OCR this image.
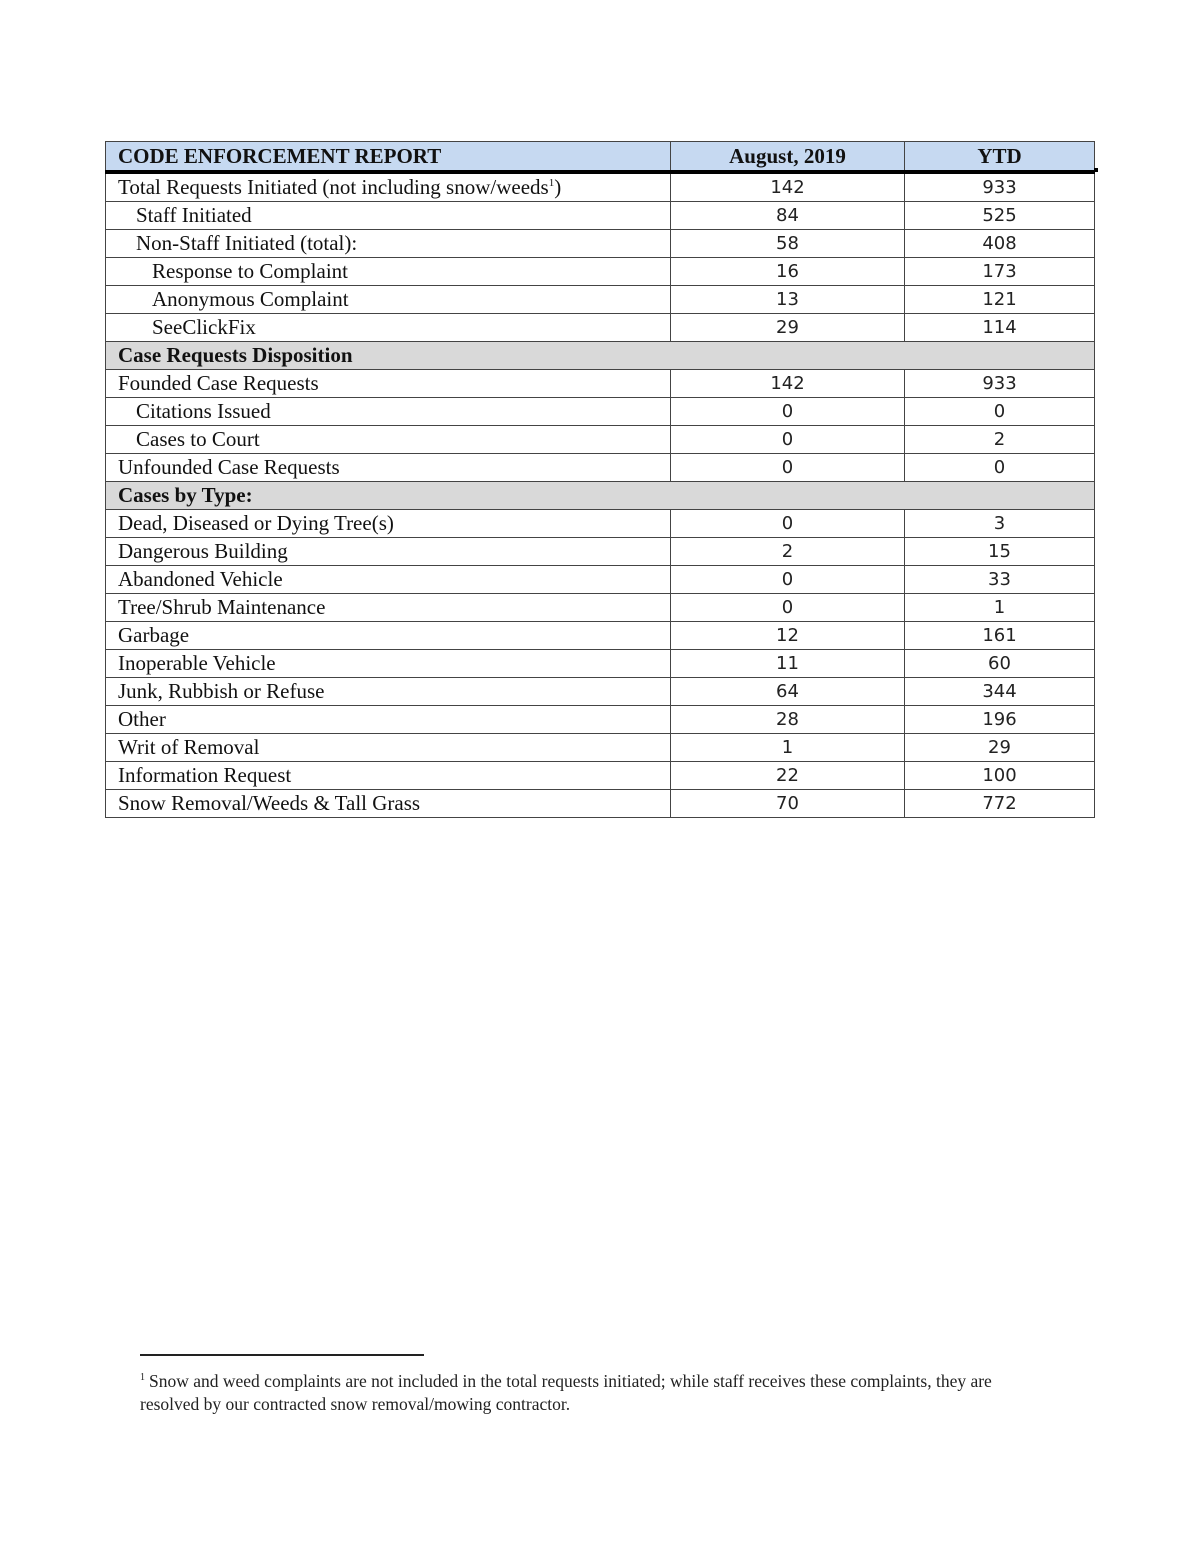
CODE ENFORCEMENT REPORT	August, 2019	YTD
Total Requests Initiated (not including snow/weeds$^1$)	142	933
Staff Initiated	84	525
Non-Staff Initiated (total):	58	408
Response to Complaint	16	173
Anonymous Complaint	13	121
SeeClickFix	29	114
Case Requests Disposition		
Founded Case Requests	142	933
Citations Issued	0	0
Cases to Court	0	2
Unfounded Case Requests	0	0
Cases by Type:		
Dead, Diseased or Dying Tree(s)	0	3
Dangerous Building	2	15
Abandoned Vehicle	0	33
Tree/Shrub Maintenance	0	1
Garbage	12	161
Inoperable Vehicle	11	60
Junk, Rubbish or Refuse	64	344
Other	28	196
Writ of Removal	1	29
Information Request	22	100
Snow Removal/Weeds & Tall Grass	70	772
$^1$ Snow and weed complaints are not included in the total requests initiated; while staff receives these complaints, they are resolved by our contracted snow removal/mowing contractor.
